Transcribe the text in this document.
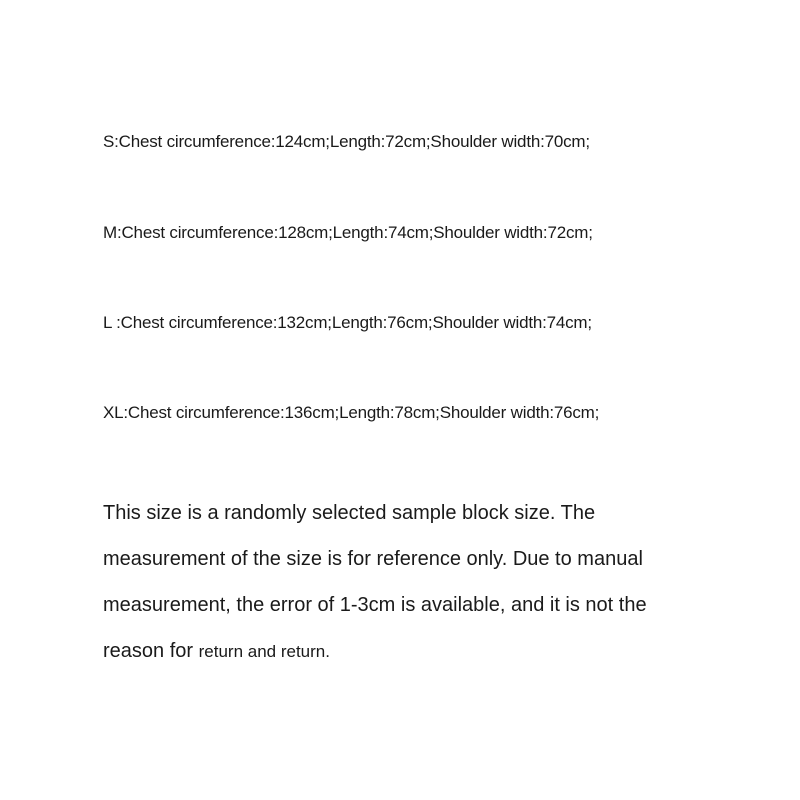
S:Chest circumference:124cm;Length:72cm;Shoulder width:70cm;
M:Chest circumference:128cm;Length:74cm;Shoulder width:72cm;
L :Chest circumference:132cm;Length:76cm;Shoulder width:74cm;
XL:Chest circumference:136cm;Length:78cm;Shoulder width:76cm;
This size is a randomly selected sample block size. The
measurement of the size is for reference only. Due to manual
measurement, the error of 1-3cm is available, and it is not the
reason for return and return.
